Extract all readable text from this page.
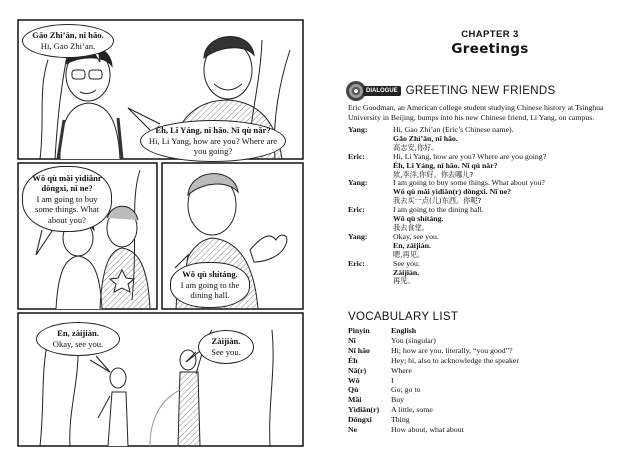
Gāo Zhì’ān, nǐ hǎo.
Hi, Gao Zhi’an.
Éh, Lǐ Yáng, nǐ hǎo. Nǐ qù nǎr?
Hi, Li Yang, how are you? Where are you going?
Wǒ qù mǎi yìdiǎnr dōngxi, nǐ ne?
I am going to buy some things. What about you?
Wǒ qù shítáng.
I am going to the dining hall.
En, zàijiàn.
Okay, see you.	Zàijiàn.
See you.
CHAPTER 3
Greetings
DIALOGUE GREETING NEW FRIENDS
Eric Goodman, an American college student studying Chinese history at Tsinghua University in Beijing, bumps into his new Chinese friend, Li Yang, on campus.
Yang:	Hi, Gao Zhi’an (Eric’s Chinese name).
Gāo Zhì’ān, nǐ hǎo.
高志安,你好。
Eric:	Hi, Li Yang, how are you? Where are you going?
Éh, Lǐ Yáng, nǐ hǎo. Nǐ qù nǎr?
欸,李洋,你好。你去哪儿?
Yang:	I am going to buy some things. What about you?
Wǒ qù mǎi yìdiǎn(r) dōngxi. Nǐ ne?
我去买一点(儿)东西。你呢?
Eric:	I am going to the dining hall.
Wǒ qù shítáng.
我去食堂。
Yang:	Okay, see you.
En, zàijiàn.
嗯,再见。
Eric:	See you.
Zàijiàn.
再见。
VOCABULARY LIST
Pinyin	English
Nǐ	You (singular)
Nǐ hǎo	Hi; how are you, literally, “you good”?
Éh	Hey; hi, also to acknowledge the speaker
Nǎ(r)	Where
Wǒ	I
Qù	Go; go to
Mǎi	Buy
Yìdiǎn(r)	A little, some
Dōngxi	Thing
Ne	How about, what about
